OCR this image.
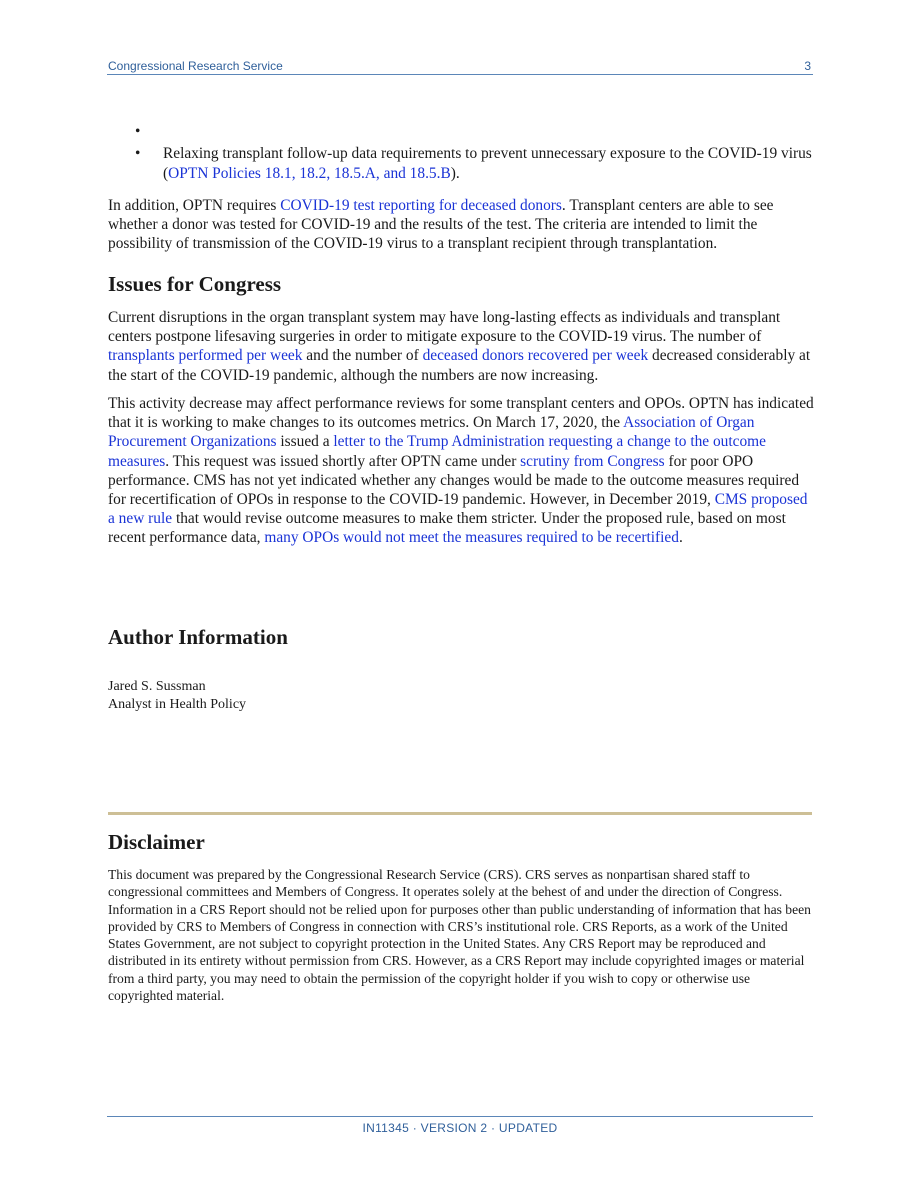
Congressional Research Service	3
•
• Relaxing transplant follow-up data requirements to prevent unnecessary exposure to the COVID-19 virus (OPTN Policies 18.1, 18.2, 18.5.A, and 18.5.B).

In addition, OPTN requires COVID-19 test reporting for deceased donors. Transplant centers are able to see whether a donor was tested for COVID-19 and the results of the test. The criteria are intended to limit the possibility of transmission of the COVID-19 virus to a transplant recipient through transplantation.

Issues for Congress

Current disruptions in the organ transplant system may have long-lasting effects as individuals and transplant centers postpone lifesaving surgeries in order to mitigate exposure to the COVID-19 virus. The number of transplants performed per week and the number of deceased donors recovered per week decreased considerably at the start of the COVID-19 pandemic, although the numbers are now increasing.

This activity decrease may affect performance reviews for some transplant centers and OPOs. OPTN has indicated that it is working to make changes to its outcomes metrics. On March 17, 2020, the Association of Organ Procurement Organizations issued a letter to the Trump Administration requesting a change to the outcome measures. This request was issued shortly after OPTN came under scrutiny from Congress for poor OPO performance. CMS has not yet indicated whether any changes would be made to the outcome measures required for recertification of OPOs in response to the COVID-19 pandemic. However, in December 2019, CMS proposed a new rule that would revise outcome measures to make them stricter. Under the proposed rule, based on most recent performance data, many OPOs would not meet the measures required to be recertified.

Author Information
Jared S. Sussman
Analyst in Health Policy
Disclaimer

This document was prepared by the Congressional Research Service (CRS). CRS serves as nonpartisan shared staff to congressional committees and Members of Congress. It operates solely at the behest of and under the direction of Congress. Information in a CRS Report should not be relied upon for purposes other than public understanding of information that has been provided by CRS to Members of Congress in connection with CRS’s institutional role. CRS Reports, as a work of the United States Government, are not subject to copyright protection in the United States. Any CRS Report may be reproduced and distributed in its entirety without permission from CRS. However, as a CRS Report may include copyrighted images or material from a third party, you may need to obtain the permission of the copyright holder if you wish to copy or otherwise use copyrighted material.

IN11345 · VERSION 2 · UPDATED
